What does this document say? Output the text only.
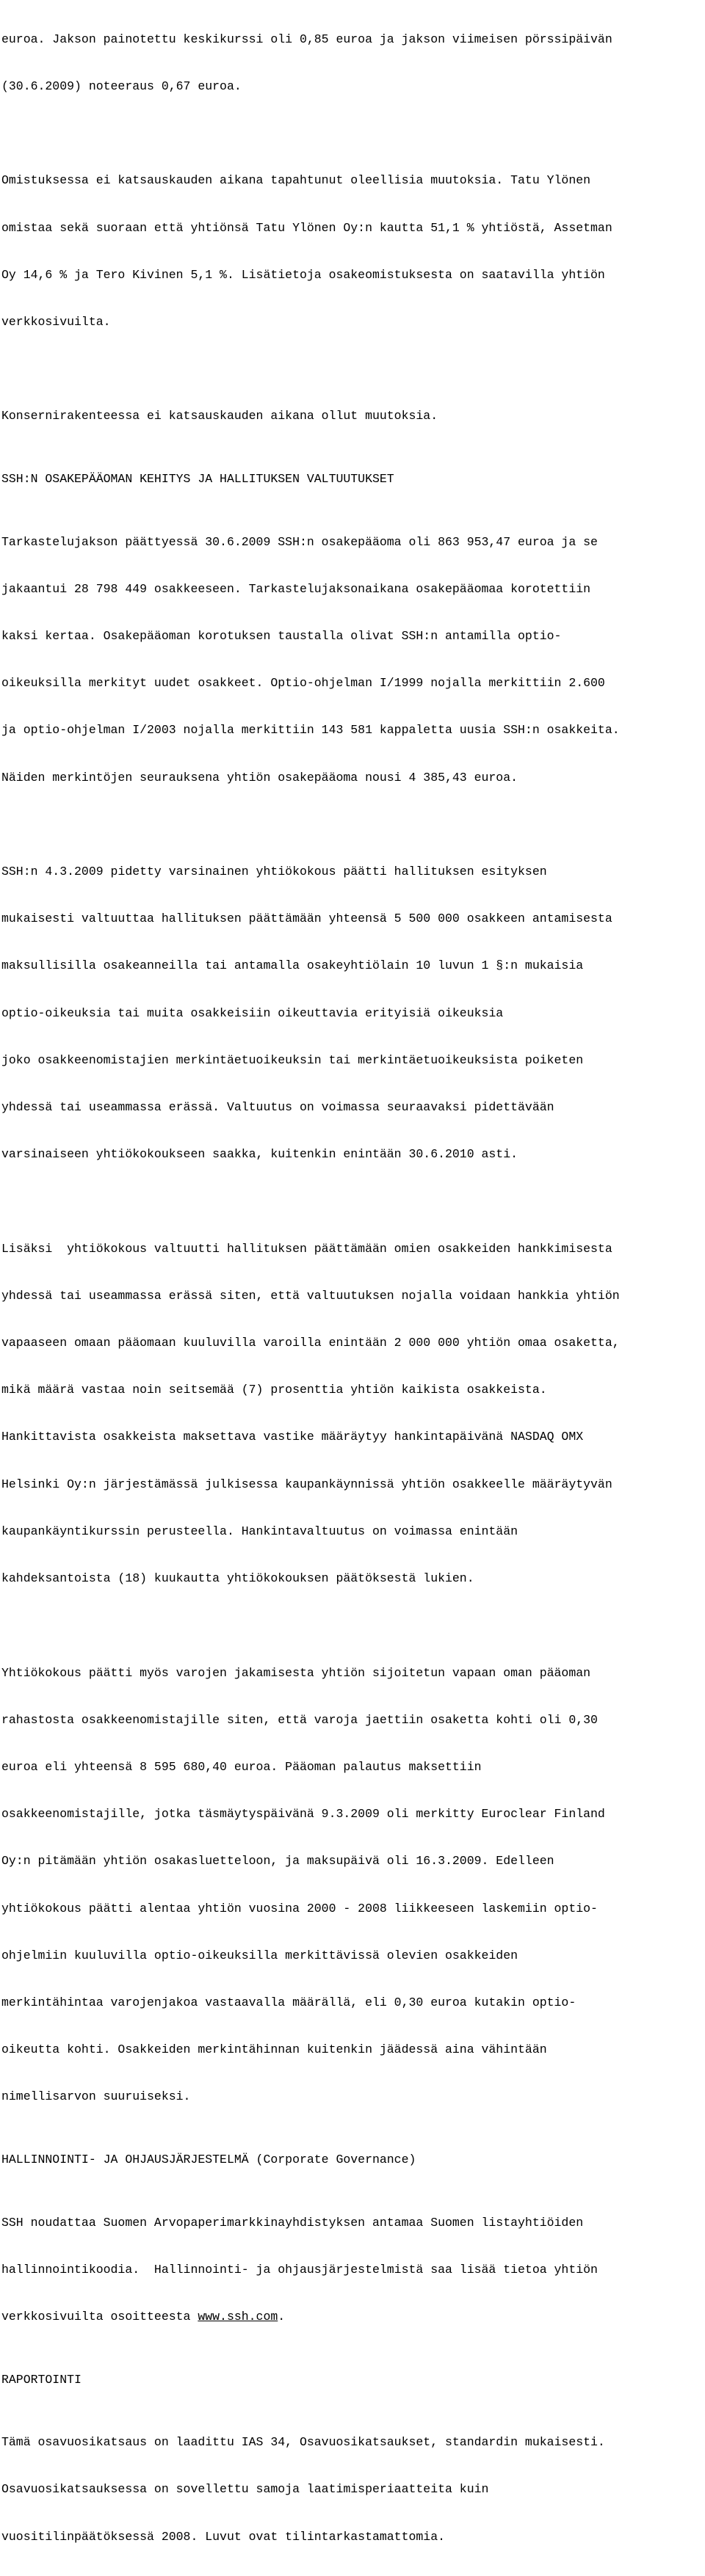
euroa. Jakson painotettu keskikurssi oli 0,85 euroa ja jakson viimeisen pörssipäivän

(30.6.2009) noteeraus 0,67 euroa.

Omistuksessa ei katsauskauden aikana tapahtunut oleellisia muutoksia. Tatu Ylönen

omistaa sekä suoraan että yhtiönsä Tatu Ylönen Oy:n kautta 51,1 % yhtiöstä, Assetman

Oy 14,6 % ja Tero Kivinen 5,1 %. Lisätietoja osakeomistuksesta on saatavilla yhtiön

verkkosivuilta.

Konsernirakenteessa ei katsauskauden aikana ollut muutoksia.

SSH:N OSAKEPÄÄOMAN KEHITYS JA HALLITUKSEN VALTUUTUKSET

Tarkastelujakson päättyessä 30.6.2009 SSH:n osakepääoma oli 863 953,47 euroa ja se

jakaantui 28 798 449 osakkeeseen. Tarkastelujaksonaikana osakepääomaa korotettiin

kaksi kertaa. Osakepääoman korotuksen taustalla olivat SSH:n antamilla optio-

oikeuksilla merkityt uudet osakkeet. Optio-ohjelman I/1999 nojalla merkittiin 2.600

ja optio-ohjelman I/2003 nojalla merkittiin 143 581 kappaletta uusia SSH:n osakkeita.

Näiden merkintöjen seurauksena yhtiön osakepääoma nousi 4 385,43 euroa.

SSH:n 4.3.2009 pidetty varsinainen yhtiökokous päätti hallituksen esityksen

mukaisesti valtuuttaa hallituksen päättämään yhteensä 5 500 000 osakkeen antamisesta

maksullisilla osakeanneilla tai antamalla osakeyhtiölain 10 luvun 1 §:n mukaisia

optio-oikeuksia tai muita osakkeisiin oikeuttavia erityisiä oikeuksia

joko osakkeenomistajien merkintäetuoikeuksin tai merkintäetuoikeuksista poiketen

yhdessä tai useammassa erässä. Valtuutus on voimassa seuraavaksi pidettävään

varsinaiseen yhtiökokoukseen saakka, kuitenkin enintään 30.6.2010 asti.

Lisäksi  yhtiökokous valtuutti hallituksen päättämään omien osakkeiden hankkimisesta

yhdessä tai useammassa erässä siten, että valtuutuksen nojalla voidaan hankkia yhtiön

vapaaseen omaan pääomaan kuuluvilla varoilla enintään 2 000 000 yhtiön omaa osaketta,

mikä määrä vastaa noin seitsemää (7) prosenttia yhtiön kaikista osakkeista.

Hankittavista osakkeista maksettava vastike määräytyy hankintapäivänä NASDAQ OMX

Helsinki Oy:n järjestämässä julkisessa kaupankäynnissä yhtiön osakkeelle määräytyvän

kaupankäyntikurssin perusteella. Hankintavaltuutus on voimassa enintään

kahdeksantoista (18) kuukautta yhtiökokouksen päätöksestä lukien.

Yhtiökokous päätti myös varojen jakamisesta yhtiön sijoitetun vapaan oman pääoman

rahastosta osakkeenomistajille siten, että varoja jaettiin osaketta kohti oli 0,30

euroa eli yhteensä 8 595 680,40 euroa. Pääoman palautus maksettiin

osakkeenomistajille, jotka täsmäytyspäivänä 9.3.2009 oli merkitty Euroclear Finland

Oy:n pitämään yhtiön osakasluetteloon, ja maksupäivä oli 16.3.2009. Edelleen

yhtiökokous päätti alentaa yhtiön vuosina 2000 - 2008 liikkeeseen laskemiin optio-

ohjelmiin kuuluvilla optio-oikeuksilla merkittävissä olevien osakkeiden

merkintähintaa varojenjakoa vastaavalla määrällä, eli 0,30 euroa kutakin optio-

oikeutta kohti. Osakkeiden merkintähinnan kuitenkin jäädessä aina vähintään

nimellisarvon suuruiseksi.

HALLINNOINTI- JA OHJAUSJÄRJESTELMÄ (Corporate Governance)

SSH noudattaa Suomen Arvopaperimarkkinayhdistyksen antamaa Suomen listayhtiöiden

hallinnointikoodia.  Hallinnointi- ja ohjausjärjestelmistä saa lisää tietoa yhtiön

verkkosivuilta osoitteesta www.ssh.com.

RAPORTOINTI

Tämä osavuosikatsaus on laadittu IAS 34, Osavuosikatsaukset, standardin mukaisesti.

Osavuosikatsauksessa on sovellettu samoja laatimisperiaatteita kuin

vuositilinpäätöksessä 2008. Luvut ovat tilintarkastamattomia.
